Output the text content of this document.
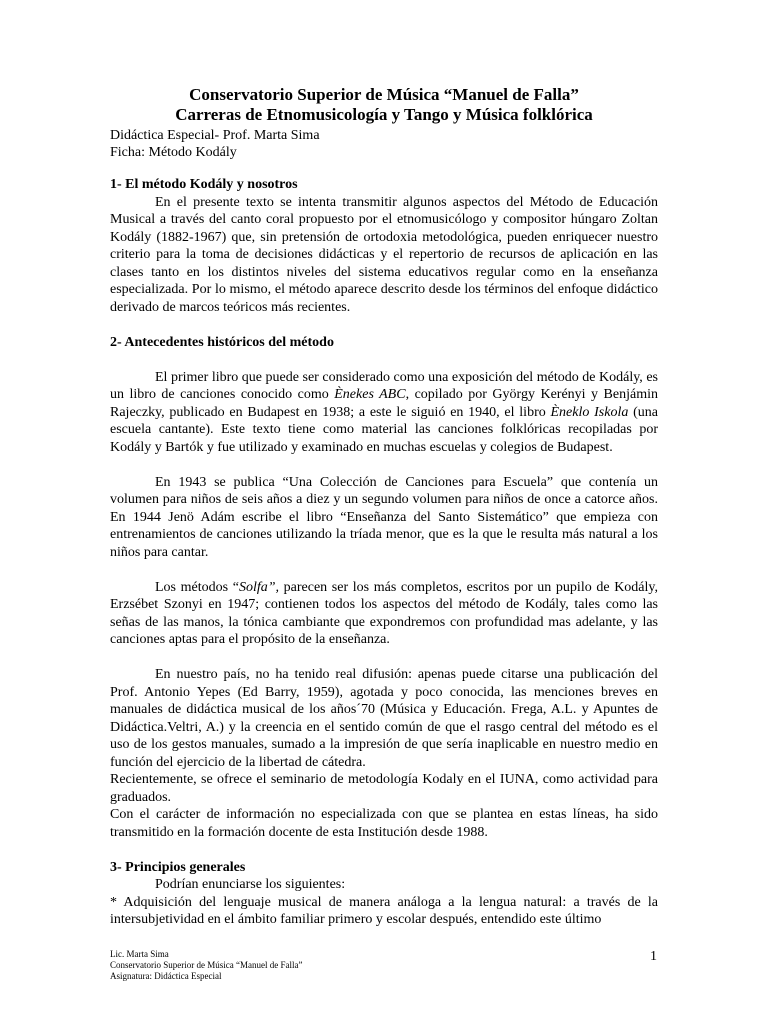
Conservatorio Superior de Música “Manuel de Falla”
Carreras de Etnomusicología y Tango y Música folklórica
Didáctica Especial- Prof. Marta Sima
Ficha: Método Kodály
1- El método Kodály y nosotros

En el presente texto se intenta transmitir algunos aspectos del Método de Educación Musical a través del canto coral propuesto por el etnomusicólogo y compositor húngaro Zoltan Kodály (1882-1967) que, sin pretensión de ortodoxia metodológica, pueden enriquecer nuestro criterio para la toma de decisiones didácticas y el repertorio de recursos de aplicación en las clases tanto en los distintos niveles del sistema educativos regular como en la enseñanza especializada. Por lo mismo, el método aparece descrito desde los términos del enfoque didáctico derivado de marcos teóricos más recientes.

2- Antecedentes históricos del método

El primer libro que puede ser considerado como una exposición del método de Kodály, es un libro de canciones conocido como Ènekes ABC, copilado por György Kerényi y Benjámin Rajeczky, publicado en Budapest en 1938; a este le siguió en 1940, el libro Èneklo Iskola (una escuela cantante). Este texto tiene como material las canciones folklóricas recopiladas por Kodály y Bartók y fue utilizado y examinado en muchas escuelas y colegios de Budapest.

En 1943 se publica “Una Colección de Canciones para Escuela” que contenía un volumen para niños de seis años a diez y un segundo volumen para niños de once a catorce años. En 1944 Jenö Adám escribe el libro “Enseñanza del Santo Sistemático” que empieza con entrenamientos de canciones utilizando la tríada menor, que es la que le resulta más natural a los niños para cantar.

Los métodos “Solfa”, parecen ser los más completos, escritos por un pupilo de Kodály, Erzsébet Szonyi en 1947; contienen todos los aspectos del método de Kodály, tales como las señas de las manos, la tónica cambiante que expondremos con profundidad mas adelante, y las canciones aptas para el propósito de la enseñanza.

En nuestro país, no ha tenido real difusión: apenas puede citarse una publicación del Prof. Antonio Yepes (Ed Barry, 1959), agotada y poco conocida, las menciones breves en manuales de didáctica musical de los años´70 (Música y Educación. Frega, A.L. y Apuntes de Didáctica.Veltri, A.) y la creencia en el sentido común de que el rasgo central del método es el uso de los gestos manuales, sumado a la impresión de que sería inaplicable en nuestro medio en función del ejercicio de la libertad de cátedra.

Recientemente, se ofrece el seminario de metodología Kodaly en el IUNA, como actividad para graduados.

Con el carácter de información no especializada con que se plantea en estas líneas, ha sido transmitido en la formación docente de esta Institución desde 1988.

3- Principios generales

Podrían enunciarse los siguientes:

* Adquisición del lenguaje musical de manera análoga a la lengua natural: a través de la intersubjetividad en el ámbito familiar primero y escolar después, entendido este último

Lic. Marta Sima
Conservatorio Superior de Música “Manuel de Falla”
Asignatura: Didáctica Especial
1
